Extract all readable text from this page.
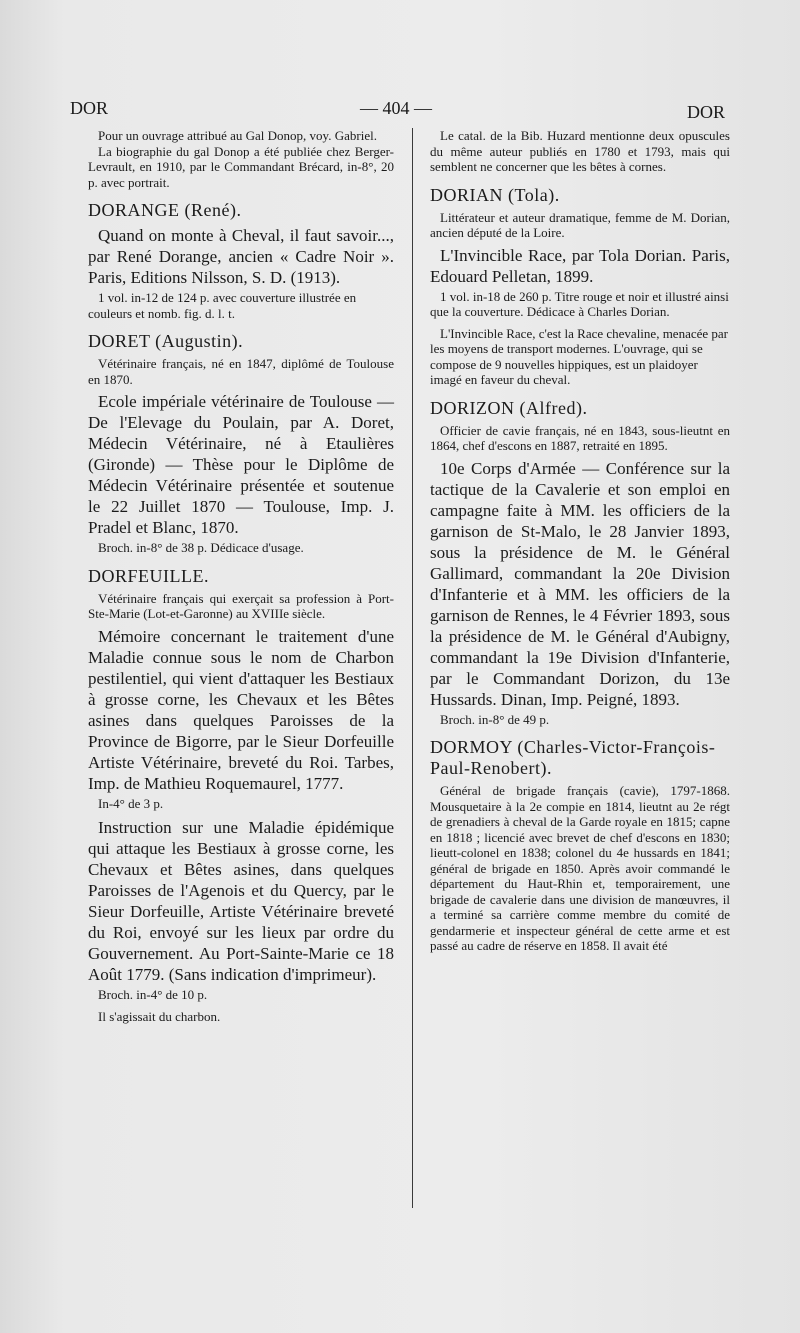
DOR	— 404 —	DOR

Pour un ouvrage attribué au Gal Donop, voy. Gabriel.

La biographie du gal Donop a été publiée chez Berger-Levrault, en 1910, par le Commandant Brécard, in-8°, 20 p. avec portrait.

DORANGE (René).

Quand on monte à Cheval, il faut savoir..., par René Dorange, ancien « Cadre Noir ». Paris, Editions Nilsson, S. D. (1913).

1 vol. in-12 de 124 p. avec couverture illustrée en couleurs et nomb. fig. d. l. t.

DORET (Augustin).

Vétérinaire français, né en 1847, diplômé de Toulouse en 1870.

Ecole impériale vétérinaire de Toulouse — De l'Elevage du Poulain, par A. Doret, Médecin Vétérinaire, né à Etaulières (Gironde) — Thèse pour le Diplôme de Médecin Vétérinaire présentée et soutenue le 22 Juillet 1870 — Toulouse, Imp. J. Pradel et Blanc, 1870.

Broch. in-8° de 38 p. Dédicace d'usage.

DORFEUILLE.

Vétérinaire français qui exerçait sa profession à Port-Ste-Marie (Lot-et-Garonne) au XVIIIe siècle.

Mémoire concernant le traitement d'une Maladie connue sous le nom de Charbon pestilentiel, qui vient d'attaquer les Bestiaux à grosse corne, les Chevaux et les Bêtes asines dans quelques Paroisses de la Province de Bigorre, par le Sieur Dorfeuille Artiste Vétérinaire, breveté du Roi. Tarbes, Imp. de Mathieu Roquemaurel, 1777.

In-4° de 3 p.

Instruction sur une Maladie épidémique qui attaque les Bestiaux à grosse corne, les Chevaux et Bêtes asines, dans quelques Paroisses de l'Agenois et du Quercy, par le Sieur Dorfeuille, Artiste Vétérinaire breveté du Roi, envoyé sur les lieux par ordre du Gouvernement. Au Port-Sainte-Marie ce 18 Août 1779. (Sans indication d'imprimeur).

Broch. in-4° de 10 p.

Il s'agissait du charbon.

Le catal. de la Bib. Huzard mentionne deux opuscules du même auteur publiés en 1780 et 1793, mais qui semblent ne concerner que les bêtes à cornes.

DORIAN (Tola).

Littérateur et auteur dramatique, femme de M. Dorian, ancien député de la Loire.

L'Invincible Race, par Tola Dorian. Paris, Edouard Pelletan, 1899.

1 vol. in-18 de 260 p. Titre rouge et noir et illustré ainsi que la couverture. Dédicace à Charles Dorian.

L'Invincible Race, c'est la Race chevaline, menacée par les moyens de transport modernes. L'ouvrage, qui se compose de 9 nouvelles hippiques, est un plaidoyer imagé en faveur du cheval.

DORIZON (Alfred).

Officier de cavie français, né en 1843, sous-lieutnt en 1864, chef d'escons en 1887, retraité en 1895.

10e Corps d'Armée — Conférence sur la tactique de la Cavalerie et son emploi en campagne faite à MM. les officiers de la garnison de St-Malo, le 28 Janvier 1893, sous la présidence de M. le Général Gallimard, commandant la 20e Division d'Infanterie et à MM. les officiers de la garnison de Rennes, le 4 Février 1893, sous la présidence de M. le Général d'Aubigny, commandant la 19e Division d'Infanterie, par le Commandant Dorizon, du 13e Hussards. Dinan, Imp. Peigné, 1893.

Broch. in-8° de 49 p.

DORMOY (Charles-Victor-François-Paul-Renobert).

Général de brigade français (cavie), 1797-1868. Mousquetaire à la 2e compie en 1814, lieutnt au 2e régt de grenadiers à cheval de la Garde royale en 1815; capne en 1818 ; licencié avec brevet de chef d'escons en 1830; lieutt-colonel en 1838; colonel du 4e hussards en 1841; général de brigade en 1850. Après avoir commandé le département du Haut-Rhin et, temporairement, une brigade de cavalerie dans une division de manœuvres, il a terminé sa carrière comme membre du comité de gendarmerie et inspecteur général de cette arme et est passé au cadre de réserve en 1858. Il avait été
